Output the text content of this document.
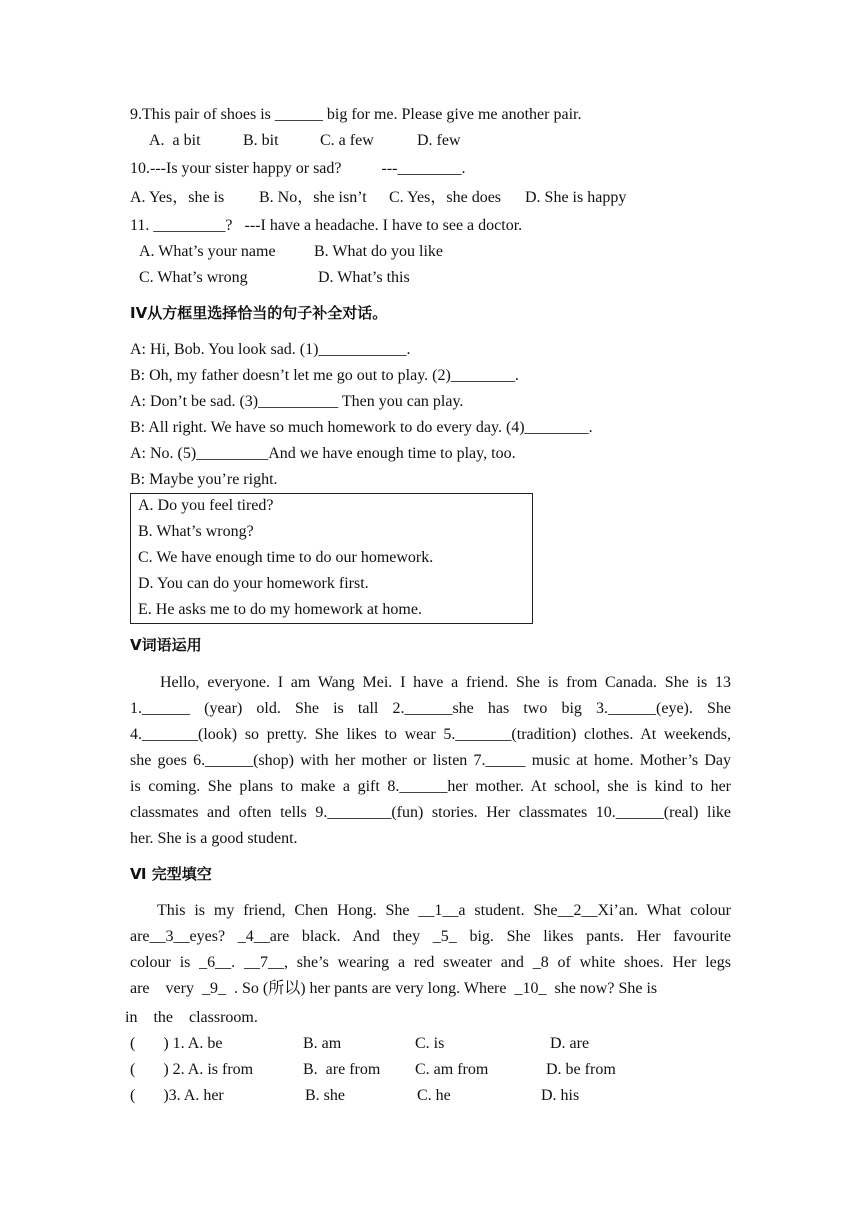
9.This pair of shoes is ______ big for me. Please give me another pair.
A.  a bit	B. bit	C. a few	D. few
10.---Is your sister happy or sad?          ---________.
A. Yes，she is B. No，she isn’t C. Yes，she does D. She is happy
11. _________?   ---I have a headache. I have to see a doctor.
A. What’s your name B. What do you like
C. What’s wrong	D. What’s this
IV从方框里选择恰当的句子补全对话。
A: Hi, Bob. You look sad. (1)___________.
B: Oh, my father doesn’t let me go out to play. (2)________.
A: Don’t be sad. (3)__________ Then you can play.
B: All right. We have so much homework to do every day. (4)________.
A: No. (5)_________And we have enough time to play, too.
B: Maybe you’re right.
A. Do you feel tired?
B. What’s wrong?
C. We have enough time to do our homework.
D. You can do your homework first.
E. He asks me to do my homework at home.
V词语运用
Hello, everyone. I am Wang Mei. I have a friend. She is from Canada. She is 13
1.______ (year) old. She is tall 2.______she has two big 3.______(eye). She
4._______(look) so pretty. She likes to wear 5._______(tradition) clothes. At weekends,
she goes 6.______(shop) with her mother or listen 7._____ music at home. Mother’s Day
is coming. She plans to make a gift 8.______her mother. At school, she is kind to her
classmates and often tells 9.________(fun) stories. Her classmates 10.______(real) like
her. She is a good student.
Ⅵ 完型填空
This is my friend, Chen Hong. She __1__a student. She__2__Xi’an. What colour
are__3__eyes? _4__are black. And they _5_ big. She likes pants. Her favourite
colour is _6__. __7__, she’s wearing a red sweater and _8 of white shoes. Her legs
are    very  _9_  . So (所以) her pants are very long. Where  _10_  she now? She is
in    the    classroom.
(       ) 1. A. be	B. am	C. is	D. are
(       ) 2. A. is from	B.  are from C. am from	D. be from
(       )3. A. her	B. she	C. he	D. his
